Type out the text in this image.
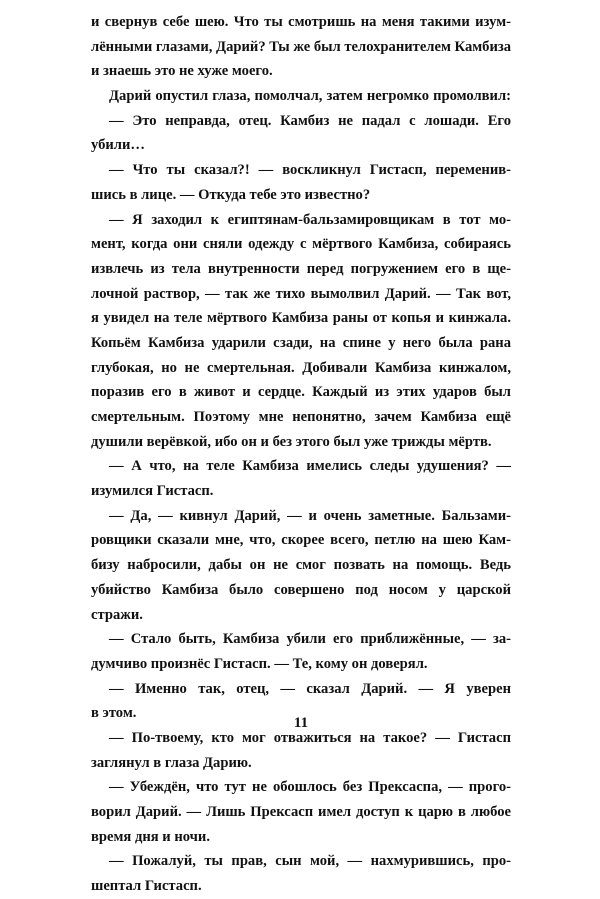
и свернув себе шею. Что ты смотришь на меня такими изум-
лёнными глазами, Дарий? Ты же был телохранителем Камбиза
и знаешь это не хуже моего.
Дарий опустил глаза, помолчал, затем негромко промолвил:
— Это неправда, отец. Камбиз не падал с лошади. Его
убили…
— Что ты сказал?! — воскликнул Гистасп, переменив-
шись в лице. — Откуда тебе это известно?
— Я заходил к египтянам-бальзамировщикам в тот мо-
мент, когда они сняли одежду с мёртвого Камбиза, собираясь
извлечь из тела внутренности перед погружением его в ще-
лочной раствор, — так же тихо вымолвил Дарий. — Так вот,
я увидел на теле мёртвого Камбиза раны от копья и кинжала.
Копьём Камбиза ударили сзади, на спине у него была рана
глубокая, но не смертельная. Добивали Камбиза кинжалом,
поразив его в живот и сердце. Каждый из этих ударов был
смертельным. Поэтому мне непонятно, зачем Камбиза ещё
душили верёвкой, ибо он и без этого был уже трижды мёртв.
— А что, на теле Камбиза имелись следы удушения? —
изумился Гистасп.
— Да, — кивнул Дарий, — и очень заметные. Бальзами-
ровщики сказали мне, что, скорее всего, петлю на шею Кам-
бизу набросили, дабы он не смог позвать на помощь. Ведь
убийство Камбиза было совершено под носом у царской
стражи.
— Стало быть, Камбиза убили его приближённые, — за-
думчиво произнёс Гистасп. — Те, кому он доверял.
— Именно так, отец, — сказал Дарий. — Я уверен
в этом.
— По-твоему, кто мог отважиться на такое? — Гистасп
заглянул в глаза Дарию.
— Убеждён, что тут не обошлось без Прексаспа, — прого-
ворил Дарий. — Лишь Прексасп имел доступ к царю в любое
время дня и ночи.
— Пожалуй, ты прав, сын мой, — нахмурившись, про-
шептал Гистасп.
11
